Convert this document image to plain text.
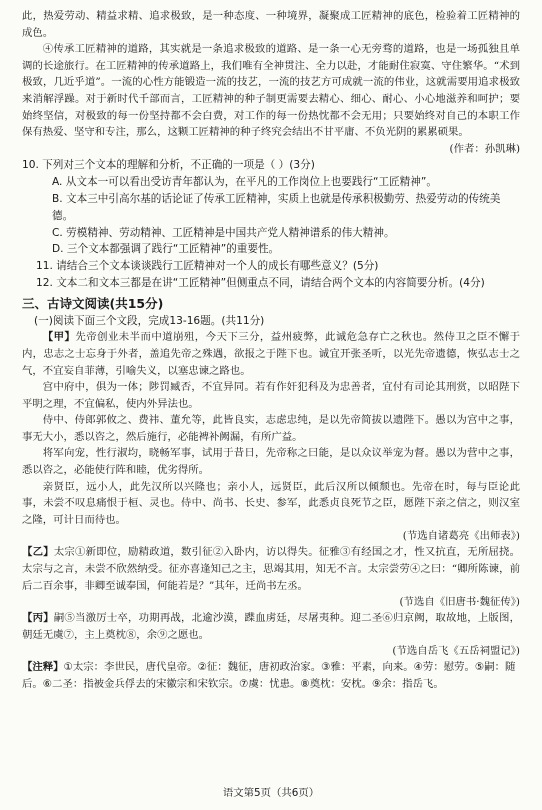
此，热爱劳动、精益求精、追求极致，是一种态度、一种境界，凝聚成工匠精神的底色，检验着工匠精神的成色。

④传承工匠精神的道路，其实就是一条追求极致的道路、是一条一心无旁骛的道路，也是一场孤独且单调的长途旅行。在工匠精神的传承道路上，我们唯有全神贯注、全力以赴，才能耐住寂寞、守住繁华。“术到极致，几近乎道”。一流的心性方能锻造一流的技艺，一流的技艺方可成就一流的伟业，这就需要用追求极致来消解浮躁。对于新时代千部而言，工匠精神的种子制更需要去精心、细心、耐心、小心地滋养和呵护；要始终坚信，对极致的每一份坚持都不会白费，对工作的每一份热忱都不会无用；只要始终对自己的本职工作保有热爱、坚守和专注，那么，这颗工匠精神的种子终究会结出不甘平庸、不负光阴的累累硕果。

(作者：孙凯琳)

10. 下列对三个文本的理解和分析，不正确的一项是（ ）(3分)

A. 从文本一可以看出受访青年都认为，在平凡的工作岗位上也要践行“工匠精神”。

B. 文本三中引高尔基的话论证了传承工匠精神，实质上也就是传承积极勤劳、热爱劳动的传统美德。

C. 劳模精神、劳动精神、工匠精神是中国共产党人精神谱系的伟大精神。

D. 三个文本都强调了践行“工匠精神”的重要性。

11. 请结合三个文本谈谈践行工匠精神对一个人的成长有哪些意义？(5分)

12. 文本二和文本三都是在讲“工匠精神”但侧重点不同，请结合两个文本的内容简要分析。(4分)

三、古诗文阅读(共15分)

(一)阅读下面三个文段，完成13-16题。(共11分)

【甲】先帝创业未半而中道崩殂，今天下三分，益州疲弊，此诚危急存亡之秋也。然侍卫之臣不懈于内，忠志之士忘身于外者，盖追先帝之殊遇，欲报之于陛下也。诚宜开张圣听，以光先帝遗德，恢弘志士之气，不宜妄自菲薄，引喻失义，以塞忠谏之路也。

宫中府中，俱为一体；陟罚臧否，不宜异同。若有作奸犯科及为忠善者，宜付有司论其刑赏，以昭陛下平明之理，不宜偏私，使内外异法也。

侍中、侍郎郭攸之、费祎、董允等，此皆良实，志虑忠纯，是以先帝简拔以遗陛下。愚以为宫中之事，事无大小，悉以咨之，然后施行，必能裨补阙漏，有所广益。

将军向宠，性行淑均，晓畅军事，试用于昔日，先帝称之曰能，是以众议举宠为督。愚以为营中之事，悉以咨之，必能使行阵和睦，优劣得所。

亲贤臣，远小人，此先汉所以兴隆也；亲小人，远贤臣，此后汉所以倾颓也。先帝在时，每与臣论此事，未尝不叹息痛恨于桓、灵也。侍中、尚书、长史、参军，此悉贞良死节之臣，愿陛下亲之信之，则汉室之隆，可计日而待也。

(节选自诸葛亮《出师表》)

【乙】太宗①新即位，励精政道，数引征②入卧内，访以得失。征雅③有经国之才，性又抗直，无所屈挠。太宗与之言，未尝不欣然纳受。征亦喜逢知己之主，思竭其用，知无不言。太宗尝劳④之曰：“卿所陈谏，前后二百余事，非卿至诚奉国，何能若是？”其年，迁尚书左丞。

(节选自《旧唐书·魏征传》)

【丙】嗣⑤当激厉士卒，功期再战，北逾沙漠，蹀血虏廷，尽屠夷种。迎二圣⑥归京阙，取故地，上版图，朝廷无虞⑦，主上奠枕⑧，余⑨之愿也。

(节选自岳飞《五岳祠盟记》)

【注释】①太宗：李世民，唐代皇帝。②征：魏征，唐初政治家。③雅：平素，向来。④劳：慰劳。⑤嗣：随后。⑥二圣：指被金兵俘去的宋徽宗和宋钦宗。⑦虞：忧患。⑧奠枕：安枕。⑨余：指岳飞。

语文第5页（共6页）
